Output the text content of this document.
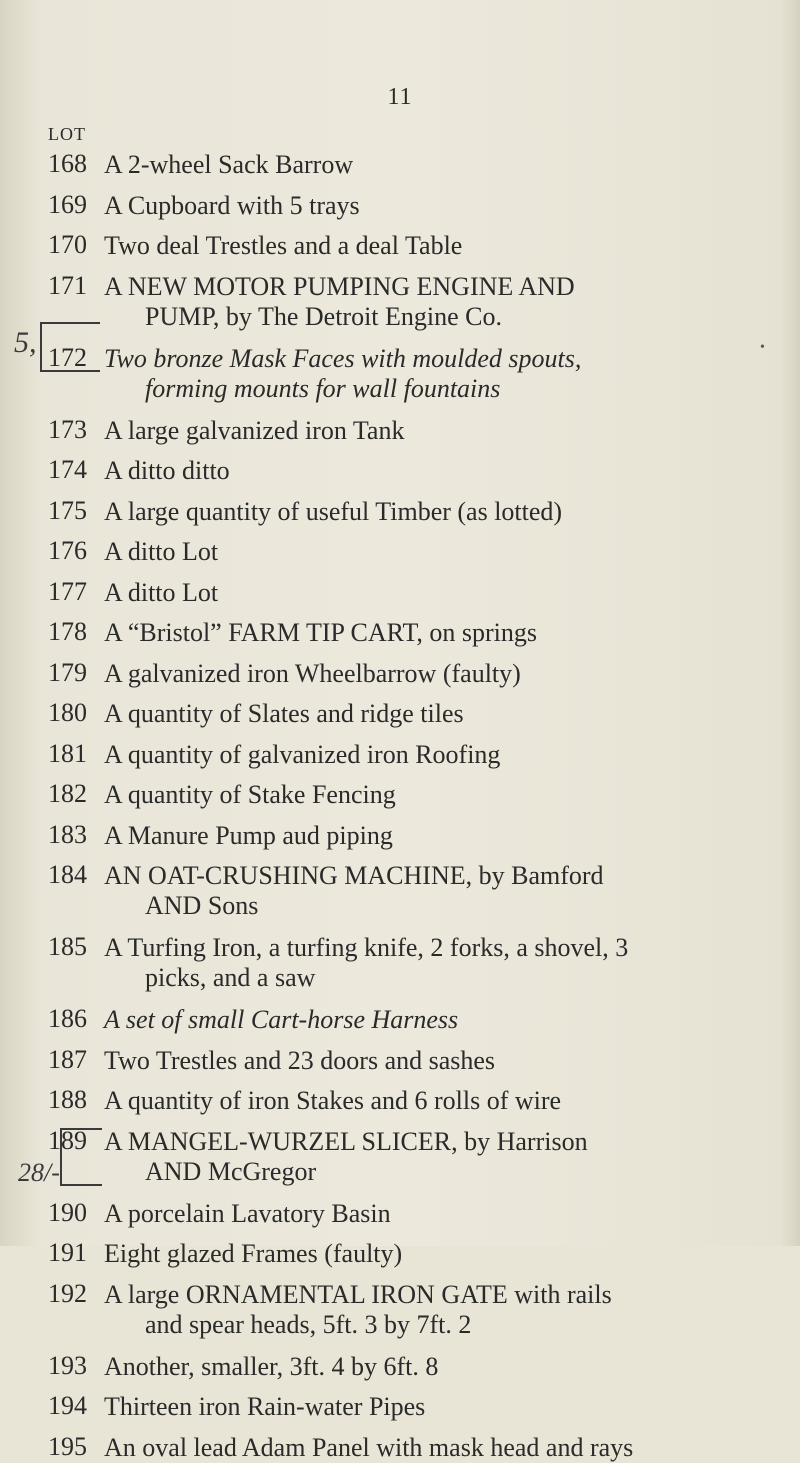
11
LOT
5,
28/-
•
168 A 2-wheel Sack Barrow
169 A Cupboard with 5 trays
170 Two deal Trestles and a deal Table
171 A NEW MOTOR PUMPING ENGINE AND
PUMP, by The Detroit Engine Co.
172 Two bronze Mask Faces with moulded spouts,
forming mounts for wall fountains
173 A large galvanized iron Tank
174 A ditto ditto
175 A large quantity of useful Timber (as lotted)
176 A ditto Lot
177 A ditto Lot
178 A “Bristol” FARM TIP CART, on springs
179 A galvanized iron Wheelbarrow (faulty)
180 A quantity of Slates and ridge tiles
181 A quantity of galvanized iron Roofing
182 A quantity of Stake Fencing
183 A Manure Pump aud piping
184 AN OAT-CRUSHING MACHINE, by Bamford
AND Sons
185 A Turfing Iron, a turfing knife, 2 forks, a shovel, 3
picks, and a saw
186 A set of small Cart-horse Harness
187 Two Trestles and 23 doors and sashes
188 A quantity of iron Stakes and 6 rolls of wire
189 A MANGEL-WURZEL SLICER, by Harrison
AND McGregor
190 A porcelain Lavatory Basin
191 Eight glazed Frames (faulty)
192 A large ORNAMENTAL IRON GATE with rails
and spear heads, 5ft. 3 by 7ft. 2
193 Another, smaller, 3ft. 4 by 6ft. 8
194 Thirteen iron Rain-water Pipes
195 An oval lead Adam Panel with mask head and rays
